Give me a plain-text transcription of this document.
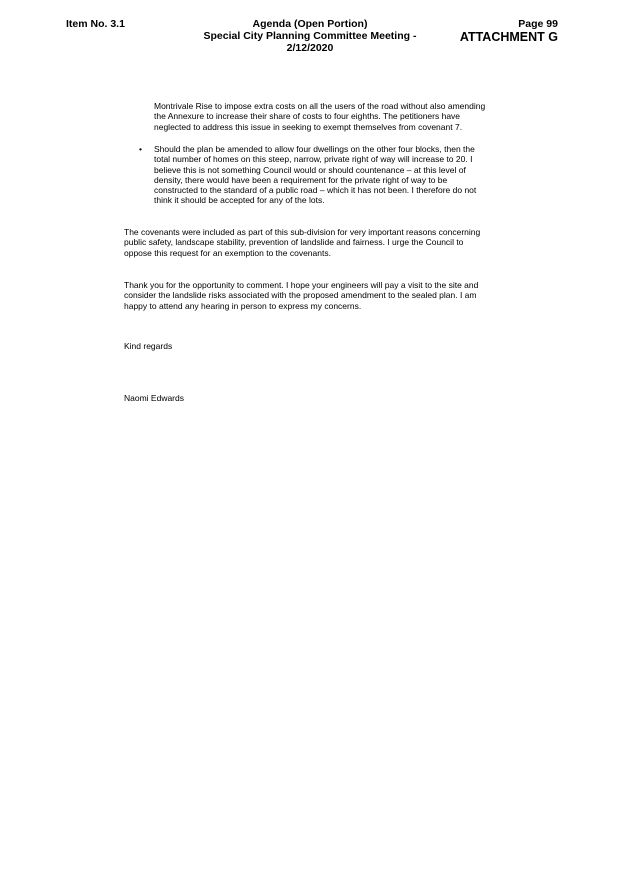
Item No. 3.1	Agenda (Open Portion)
Special City Planning Committee Meeting - 2/12/2020
Page 99
ATTACHMENT G

Montrivale Rise to impose extra costs on all the users of the road without also amending
the Annexure to increase their share of costs to four eighths. The petitioners have
neglected to address this issue in seeking to exempt themselves from covenant 7.

• Should the plan be amended to allow four dwellings on the other four blocks, then the
total number of homes on this steep, narrow, private right of way will increase to 20. I
believe this is not something Council would or should countenance – at this level of
density, there would have been a requirement for the private right of way to be
constructed to the standard of a public road – which it has not been. I therefore do not
think it should be accepted for any of the lots.

The covenants were included as part of this sub-division for very important reasons concerning
public safety, landscape stability, prevention of landslide and fairness. I urge the Council to
oppose this request for an exemption to the covenants.

Thank you for the opportunity to comment. I hope your engineers will pay a visit to the site and
consider the landslide risks associated with the proposed amendment to the sealed plan. I am
happy to attend any hearing in person to express my concerns.

Kind regards

Naomi Edwards
